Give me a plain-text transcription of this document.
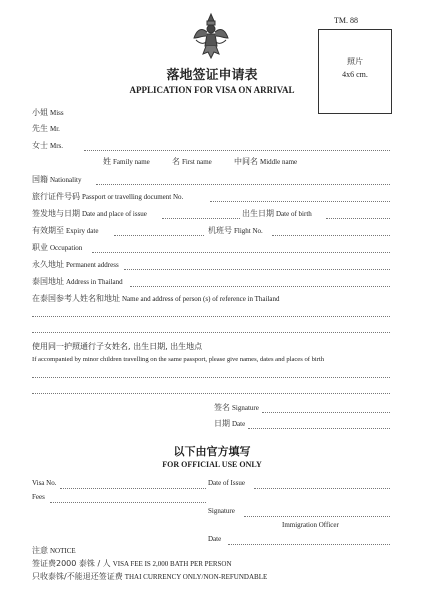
TM. 88
照片
4x6 cm.
落地签证申请表
APPLICATION FOR VISA ON ARRIVAL
小姐 Miss
先生 Mr.
女士 Mrs.
姓 Family name	名 First name	中间名 Middle name
国籍 Nationality
旅行证件号码 Passport or travelling document No.
签发地与日期 Date and place of issue	出生日期 Date of birth
有效期至 Expiry date	机班号 Flight No.
职业 Occupation
永久地址 Permanent address
泰国地址 Address in Thailand
在泰国参考人姓名和地址 Name and address of person (s) of reference in Thailand
使用同一护照通行子女姓名, 出生日期, 出生地点
If accompanied by minor children travelling on the same passport, please give names, dates and places of birth
签名 Signature
日期 Date
以下由官方填写
FOR OFFICIAL USE ONLY
Visa No.	Date of Issue
Fees
Signature
Immigration Officer
Date
注意 NOTICE
签证费2000 泰铢 / 人 VISA FEE IS 2,000 BATH PER PERSON
只收泰铢/不能退还签证费 THAI CURRENCY ONLY/NON-REFUNDABLE
